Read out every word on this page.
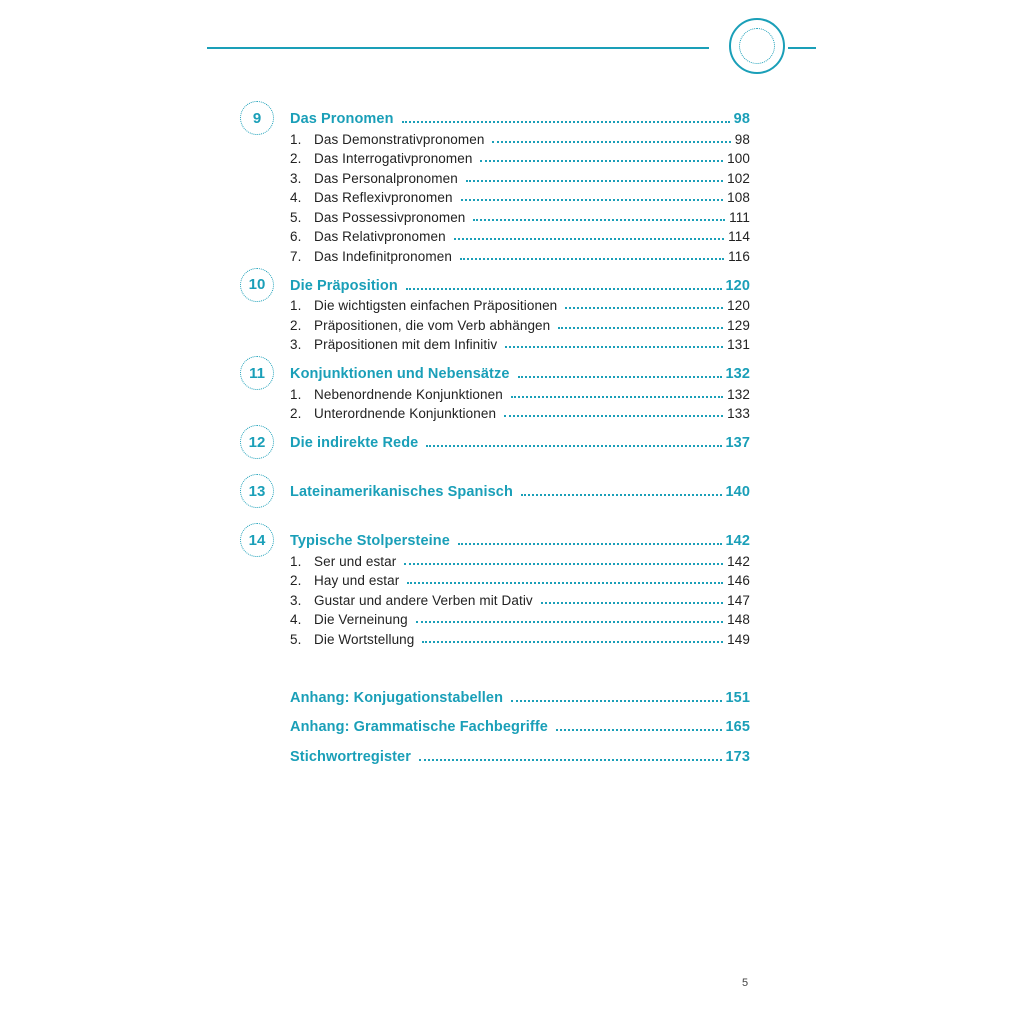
9	Das Pronomen	98
1. Das Demonstrativpronomen	98
2. Das Interrogativpronomen	100
3. Das Personalpronomen	102
4. Das Reflexivpronomen	108
5. Das Possessivpronomen	111
6. Das Relativpronomen	114
7. Das Indefinitpronomen	116
10	Die Präposition	120
1. Die wichtigsten einfachen Präpositionen	120
2. Präpositionen, die vom Verb abhängen	129
3. Präpositionen mit dem Infinitiv	131
11	Konjunktionen und Nebensätze	132
1. Nebenordnende Konjunktionen	132
2. Unterordnende Konjunktionen	133
12	Die indirekte Rede	137
13	Lateinamerikanisches Spanisch	140
14	Typische Stolpersteine	142
1. Ser und estar	142
2. Hay und estar	146
3. Gustar und andere Verben mit Dativ	147
4. Die Verneinung	148
5. Die Wortstellung	149
Anhang: Konjugationstabellen	151
Anhang: Grammatische Fachbegriffe	165
Stichwortregister	173
5
